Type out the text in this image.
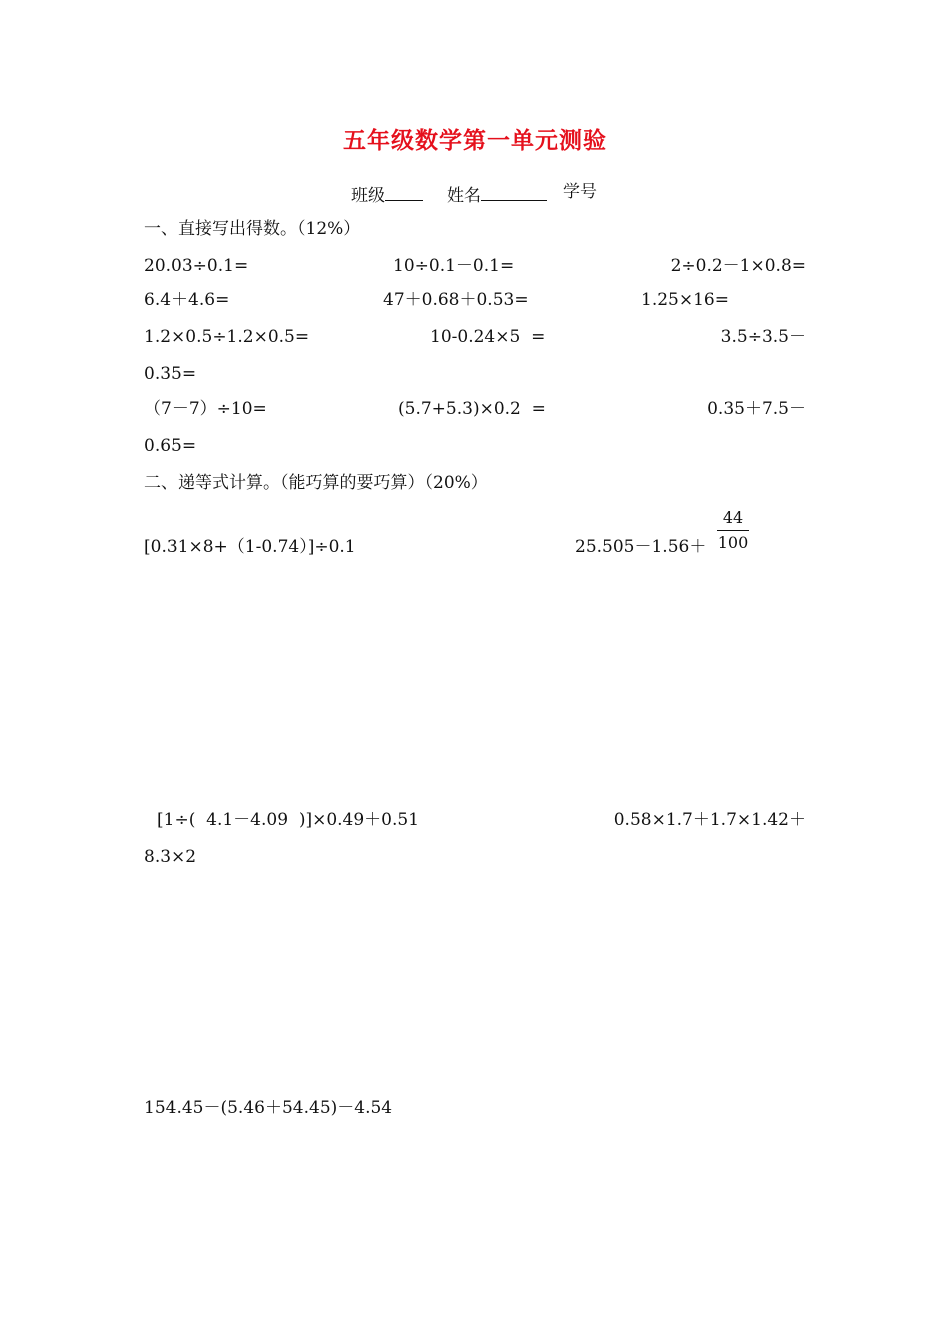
五年级数学第一单元测验
班级	姓名	学号
一、直接写出得数。（12%）
20.03÷0.1=	10÷0.1－0.1=	2÷0.2－1×0.8=
6.4＋4.6=	47＋0.68＋0.53=	1.25×16=
1.2×0.5÷1.2×0.5=	10-0.24×5  =	3.5÷3.5－
0.35=
（7－7）÷10=	(5.7+5.3)×0.2  =	0.35＋7.5－
0.65=
二、递等式计算。（能巧算的要巧算）（20%）
[0.31×8+（1-0.74）]÷0.1	$25.505-1.56+ \frac{44}{100}$
[1÷(  4.1－4.09  )]×0.49＋0.51	0.58×1.7＋1.7×1.42＋
8.3×2
154.45－(5.46＋54.45)－4.54
